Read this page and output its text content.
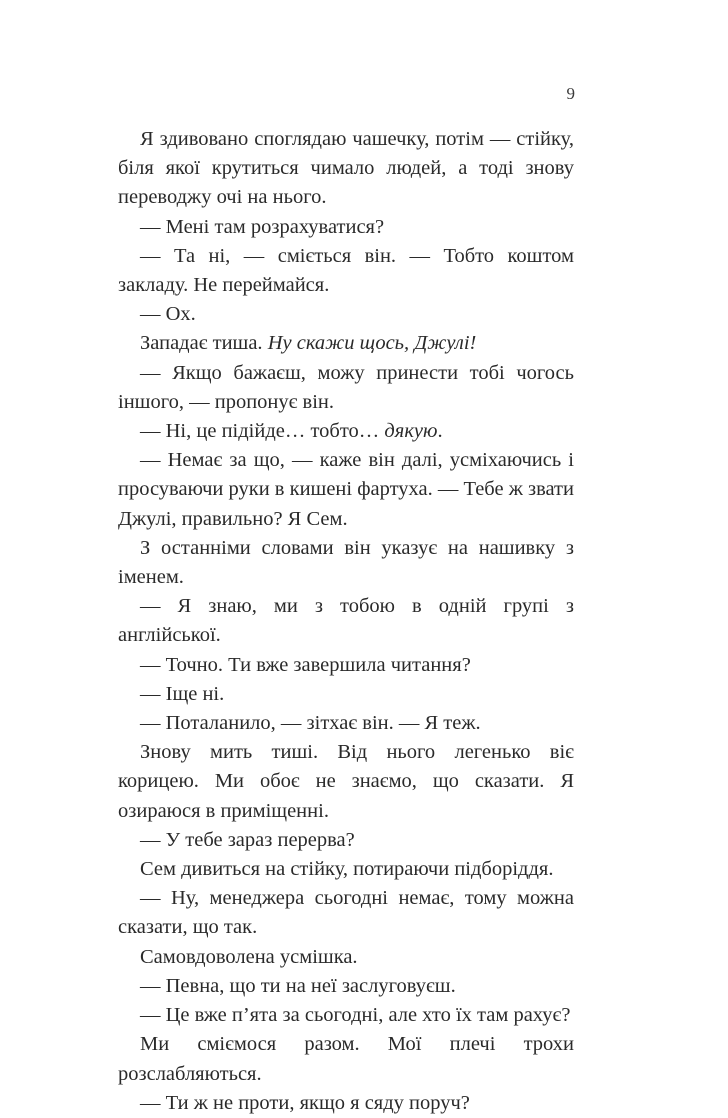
9

Я здивовано споглядаю чашечку, потім — стійку, біля якої крутиться чимало людей, а тоді знову переводжу очі на нього.

— Мені там розрахуватися?

— Та ні, — сміється він. — Тобто коштом закладу. Не переймайся.

— Ох.

Западає тиша. Ну скажи щось, Джулі!

— Якщо бажаєш, можу принести тобі чогось іншого, — пропонує він.

— Ні, це підійде… тобто… дякую.

— Немає за що, — каже він далі, усміхаючись і просуваючи руки в кишені фартуха. — Тебе ж звати Джулі, правильно? Я Сем.

З останніми словами він указує на нашивку з іменем.

— Я знаю, ми з тобою в одній групі з англійської.

— Точно. Ти вже завершила читання?

— Іще ні.

— Поталанило, — зітхає він. — Я теж.

Знову мить тиші. Від нього легенько віє корицею. Ми обоє не знаємо, що сказати. Я озираюся в приміщенні.

— У тебе зараз перерва?

Сем дивиться на стійку, потираючи підборіддя.

— Ну, менеджера сьогодні немає, тому можна сказати, що так.

Самовдоволена усмішка.

— Певна, що ти на неї заслуговуєш.

— Це вже п’ята за сьогодні, але хто їх там рахує?

Ми сміємося разом. Мої плечі трохи розслабляються.

— Ти ж не проти, якщо я сяду поруч?
